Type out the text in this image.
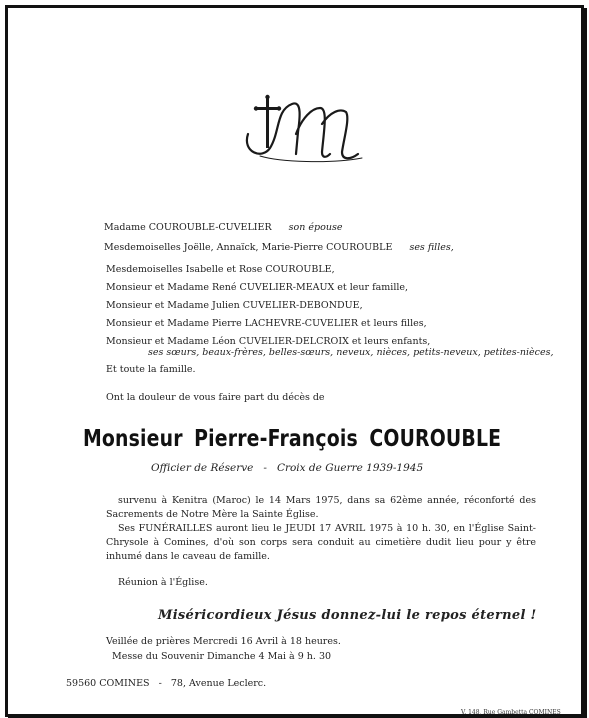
Madame COUROUBLE-CUVELIER son épouse
Mesdemoiselles Joëlle, Annaïck, Marie-Pierre COUROUBLE ses filles,
Mesdemoiselles Isabelle et Rose COUROUBLE,
Monsieur et Madame René CUVELIER-MEAUX et leur famille,
Monsieur et Madame Julien CUVELIER-DEBONDUE,
Monsieur et Madame Pierre LACHEVRE-CUVELIER et leurs filles,
Monsieur et Madame Léon CUVELIER-DELCROIX et leurs enfants,
ses sœurs, beaux-frères, belles-sœurs, neveux, nièces, petits-neveux, petites-nièces,
Et toute la famille.
Ont la douleur de vous faire part du décès de
Monsieur Pierre-François COUROUBLE
Officier de Réserve - Croix de Guerre 1939-1945
survenu à Kenitra (Maroc) le 14 Mars 1975, dans sa 62ème année, réconforté des Sacrements de Notre Mère la Sainte Église.
Ses FUNÉRAILLES auront lieu le JEUDI 17 AVRIL 1975 à 10 h. 30, en l'Église Saint-Chrysole à Comines, d'où son corps sera conduit au cimetière dudit lieu pour y être inhumé dans le caveau de famille.
Réunion à l'Église.
Miséricordieux Jésus donnez-lui le repos éternel !
Veillée de prières Mercredi 16 Avril à 18 heures.
Messe du Souvenir Dimanche 4 Mai à 9 h. 30
59560 COMINES   -   78, Avenue Leclerc.
V. 148, Rue Gambetta COMINES
